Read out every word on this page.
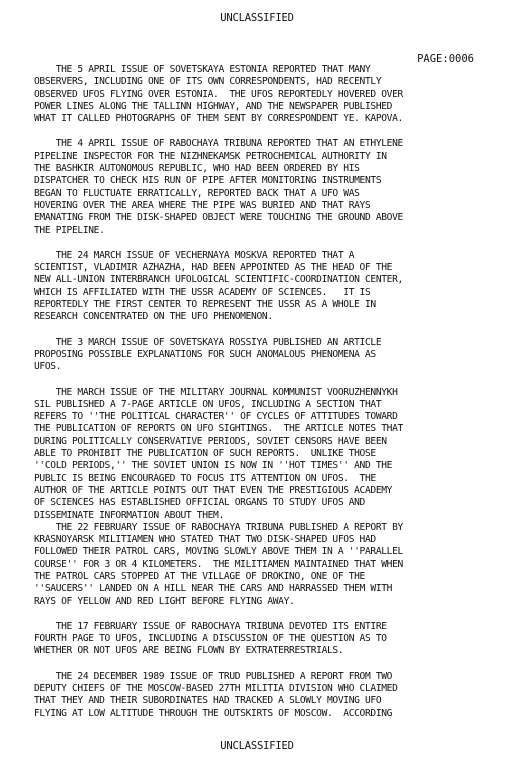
UNCLASSIFIED
PAGE:0006
THE 5 APRIL ISSUE OF SOVETSKAYA ESTONIA REPORTED THAT MANY
OBSERVERS, INCLUDING ONE OF ITS OWN CORRESPONDENTS, HAD RECENTLY
OBSERVED UFOS FLYING OVER ESTONIA.  THE UFOS REPORTEDLY HOVERED OVER
POWER LINES ALONG THE TALLINN HIGHWAY, AND THE NEWSPAPER PUBLISHED
WHAT IT CALLED PHOTOGRAPHS OF THEM SENT BY CORRESPONDENT YE. KAPOVA.
THE 4 APRIL ISSUE OF RABOCHAYA TRIBUNA REPORTED THAT AN ETHYLENE
PIPELINE INSPECTOR FOR THE NIZHNEKAMSK PETROCHEMICAL AUTHORITY IN
THE BASHKIR AUTONOMOUS REPUBLIC, WHO HAD BEEN ORDERED BY HIS
DISPATCHER TO CHECK HIS RUN OF PIPE AFTER MONITORING INSTRUMENTS
BEGAN TO FLUCTUATE ERRATICALLY, REPORTED BACK THAT A UFO WAS
HOVERING OVER THE AREA WHERE THE PIPE WAS BURIED AND THAT RAYS
EMANATING FROM THE DISK-SHAPED OBJECT WERE TOUCHING THE GROUND ABOVE
THE PIPELINE.
THE 24 MARCH ISSUE OF VECHERNAYA MOSKVA REPORTED THAT A
SCIENTIST, VLADIMIR AZHAZHA, HAD BEEN APPOINTED AS THE HEAD OF THE
NEW ALL-UNION INTERBRANCH UFOLOGICAL SCIENTIFIC-COORDINATION CENTER,
WHICH IS AFFILIATED WITH THE USSR ACADEMY OF SCIENCES.   IT IS
REPORTEDLY THE FIRST CENTER TO REPRESENT THE USSR AS A WHOLE IN
RESEARCH CONCENTRATED ON THE UFO PHENOMENON.
THE 3 MARCH ISSUE OF SOVETSKAYA ROSSIYA PUBLISHED AN ARTICLE
PROPOSING POSSIBLE EXPLANATIONS FOR SUCH ANOMALOUS PHENOMENA AS
UFOS.
THE MARCH ISSUE OF THE MILITARY JOURNAL KOMMUNIST VOORUZHENNYKH
SIL PUBLISHED A 7-PAGE ARTICLE ON UFOS, INCLUDING A SECTION THAT
REFERS TO ''THE POLITICAL CHARACTER'' OF CYCLES OF ATTITUDES TOWARD
THE PUBLICATION OF REPORTS ON UFO SIGHTINGS.  THE ARTICLE NOTES THAT
DURING POLITICALLY CONSERVATIVE PERIODS, SOVIET CENSORS HAVE BEEN
ABLE TO PROHIBIT THE PUBLICATION OF SUCH REPORTS.  UNLIKE THOSE
''COLD PERIODS,'' THE SOVIET UNION IS NOW IN ''HOT TIMES'' AND THE
PUBLIC IS BEING ENCOURAGED TO FOCUS ITS ATTENTION ON UFOS.  THE
AUTHOR OF THE ARTICLE POINTS OUT THAT EVEN THE PRESTIGIOUS ACADEMY
OF SCIENCES HAS ESTABLISHED OFFICIAL ORGANS TO STUDY UFOS AND
DISSEMINATE INFORMATION ABOUT THEM.
THE 22 FEBRUARY ISSUE OF RABOCHAYA TRIBUNA PUBLISHED A REPORT BY
KRASNOYARSK MILITIAMEN WHO STATED THAT TWO DISK-SHAPED UFOS HAD
FOLLOWED THEIR PATROL CARS, MOVING SLOWLY ABOVE THEM IN A ''PARALLEL
COURSE'' FOR 3 OR 4 KILOMETERS.  THE MILITIAMEN MAINTAINED THAT WHEN
THE PATROL CARS STOPPED AT THE VILLAGE OF DROKINO, ONE OF THE
''SAUCERS'' LANDED ON A HILL NEAR THE CARS AND HARRASSED THEM WITH
RAYS OF YELLOW AND RED LIGHT BEFORE FLYING AWAY.
THE 17 FEBRUARY ISSUE OF RABOCHAYA TRIBUNA DEVOTED ITS ENTIRE
FOURTH PAGE TO UFOS, INCLUDING A DISCUSSION OF THE QUESTION AS TO
WHETHER OR NOT UFOS ARE BEING FLOWN BY EXTRATERRESTRIALS.
THE 24 DECEMBER 1989 ISSUE OF TRUD PUBLISHED A REPORT FROM TWO
DEPUTY CHIEFS OF THE MOSCOW-BASED 27TH MILITIA DIVISION WHO CLAIMED
THAT THEY AND THEIR SUBORDINATES HAD TRACKED A SLOWLY MOVING UFO
FLYING AT LOW ALTITUDE THROUGH THE OUTSKIRTS OF MOSCOW.  ACCORDING
UNCLASSIFIED
